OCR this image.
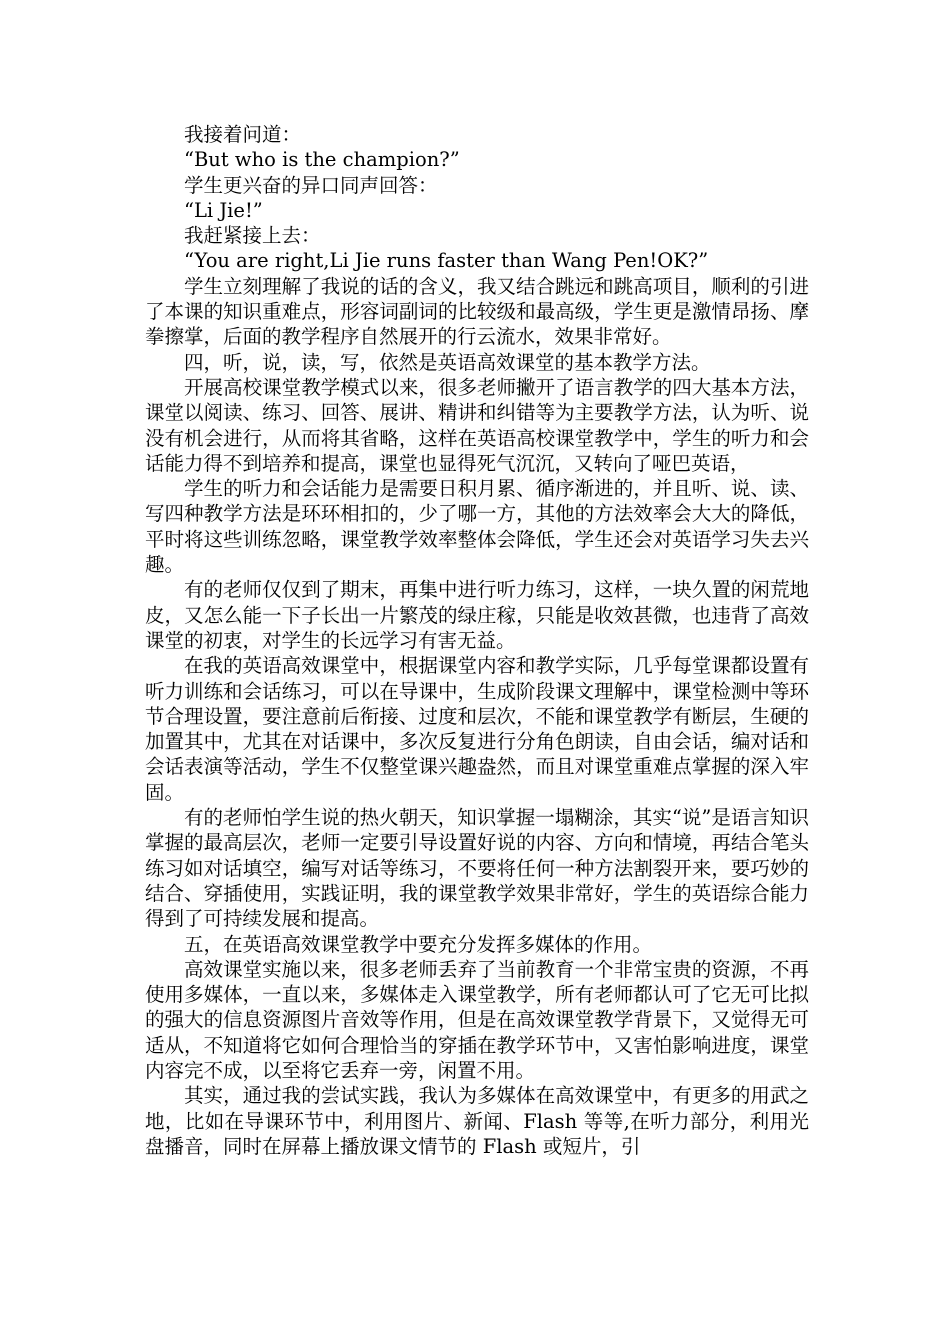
我接着问道：

“But who is the champion?”

学生更兴奋的异口同声回答：

“Li Jie!”

我赶紧接上去：

“You are right,Li Jie runs faster than Wang Pen!OK?”

学生立刻理解了我说的话的含义，我又结合跳远和跳高项目，顺利的引进了本课的知识重难点，形容词副词的比较级和最高级，学生更是激情昂扬、摩拳擦掌，后面的教学程序自然展开的行云流水，效果非常好。

四，听，说，读，写，依然是英语高效课堂的基本教学方法。

开展高校课堂教学模式以来，很多老师撇开了语言教学的四大基本方法，课堂以阅读、练习、回答、展讲、精讲和纠错等为主要教学方法，认为听、说没有机会进行，从而将其省略，这样在英语高校课堂教学中，学生的听力和会话能力得不到培养和提高，课堂也显得死气沉沉，又转向了哑巴英语，

学生的听力和会话能力是需要日积月累、循序渐进的，并且听、说、读、写四种教学方法是环环相扣的，少了哪一方，其他的方法效率会大大的降低，平时将这些训练忽略，课堂教学效率整体会降低，学生还会对英语学习失去兴趣。

有的老师仅仅到了期末，再集中进行听力练习，这样，一块久置的闲荒地皮，又怎么能一下子长出一片繁茂的绿庄稼，只能是收效甚微，也违背了高效课堂的初衷，对学生的长远学习有害无益。

在我的英语高效课堂中，根据课堂内容和教学实际，几乎每堂课都设置有听力训练和会话练习，可以在导课中，生成阶段课文理解中，课堂检测中等环节合理设置，要注意前后衔接、过度和层次，不能和课堂教学有断层，生硬的加置其中，尤其在对话课中，多次反复进行分角色朗读，自由会话，编对话和会话表演等活动，学生不仅整堂课兴趣盎然，而且对课堂重难点掌握的深入牢固。

有的老师怕学生说的热火朝天，知识掌握一塌糊涂，其实“说”是语言知识掌握的最高层次，老师一定要引导设置好说的内容、方向和情境，再结合笔头练习如对话填空，编写对话等练习，不要将任何一种方法割裂开来，要巧妙的结合、穿插使用，实践证明，我的课堂教学效果非常好，学生的英语综合能力得到了可持续发展和提高。

五，在英语高效课堂教学中要充分发挥多媒体的作用。

高效课堂实施以来，很多老师丢弃了当前教育一个非常宝贵的资源，不再使用多媒体，一直以来，多媒体走入课堂教学，所有老师都认可了它无可比拟的强大的信息资源图片音效等作用，但是在高效课堂教学背景下，又觉得无可适从，不知道将它如何合理恰当的穿插在教学环节中，又害怕影响进度，课堂内容完不成，以至将它丢弃一旁，闲置不用。

其实，通过我的尝试实践，我认为多媒体在高效课堂中，有更多的用武之地，比如在导课环节中，利用图片、新闻、Flash 等等,在听力部分，利用光盘播音，同时在屏幕上播放课文情节的 Flash 或短片，引
